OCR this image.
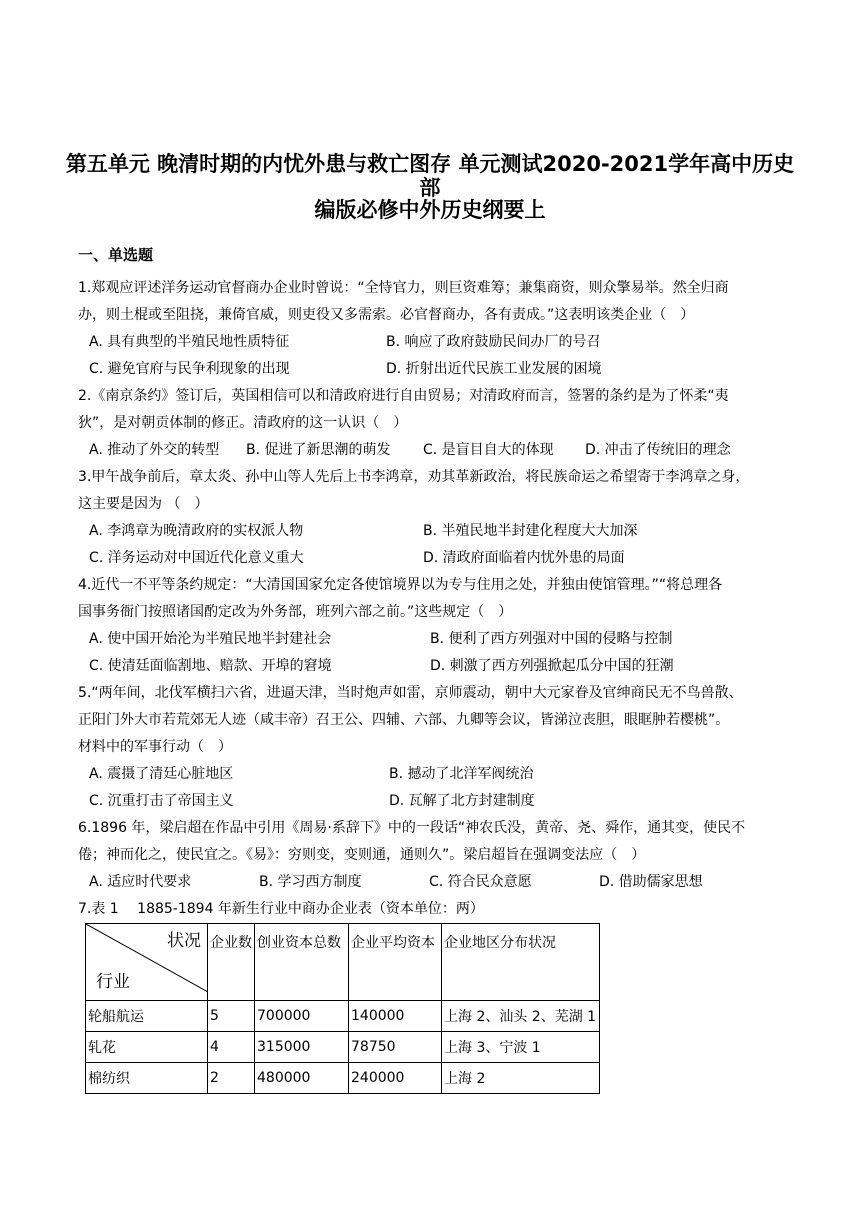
第五单元 晚清时期的内忧外患与救亡图存 单元测试2020-2021学年高中历史部
编版必修中外历史纲要上
一、单选题
1.郑观应评述洋务运动官督商办企业时曾说：“全恃官力，则巨资难筹；兼集商资，则众擎易举。然全归商
办，则土棍或至阻挠，兼倚官威，则吏役又多需索。必官督商办，各有责成。”这表明该类企业（　）
A. 具有典型的半殖民地性质特征	B. 响应了政府鼓励民间办厂的号召
C. 避免官府与民争利现象的出现	D. 折射出近代民族工业发展的困境
2.《南京条约》签订后，英国相信可以和清政府进行自由贸易；对清政府而言，签署的条约是为了怀柔“夷
狄”，是对朝贡体制的修正。清政府的这一认识（　）
A. 推动了外交的转型 B. 促进了新思潮的萌发 C. 是盲目自大的体现 D. 冲击了传统旧的理念
3.甲午战争前后，章太炎、孙中山等人先后上书李鸿章，劝其革新政治，将民族命运之希望寄于李鸿章之身，
这主要是因为 （　）
A. 李鸿章为晚清政府的实权派人物	B. 半殖民地半封建化程度大大加深
C. 洋务运动对中国近代化意义重大	D. 清政府面临着内忧外患的局面
4.近代一不平等条约规定：“大清国国家允定各使馆境界以为专与住用之处，并独由使馆管理。”“将总理各
国事务衙门按照诸国酌定改为外务部，班列六部之前。”这些规定（　）
A. 使中国开始沦为半殖民地半封建社会	B. 便利了西方列强对中国的侵略与控制
C. 使清廷面临割地、赔款、开埠的窘境	D. 刺激了西方列强掀起瓜分中国的狂潮
5.“两年间，北伐军横扫六省，进逼天津，当时炮声如雷，京师震动，朝中大元家眷及官绅商民无不鸟兽散、
正阳门外大市若荒郊无人迹（咸丰帝）召王公、四辅、六部、九卿等会议，皆涕泣丧胆，眼眶肿若樱桃”。
材料中的军事行动（　）
A. 震摄了清廷心脏地区	B. 撼动了北洋军阀统治
C. 沉重打击了帝国主义	D. 瓦解了北方封建制度
6.1896 年，梁启超在作品中引用《周易·系辞下》中的一段话“神农氏没，黄帝、尧、舜作，通其变，使民不
倦；神而化之，使民宜之。《易》：穷则变，变则通，通则久”。梁启超旨在强调变法应（　）
A. 适应时代要求	B. 学习西方制度	C. 符合民众意愿	D. 借助儒家思想
7.表 1　 1885-1894 年新生行业中商办企业表（资本单位：两）
状况
行业	企业数	创业资本总数	企业平均资本	企业地区分布状况
轮船航运	5	700000	140000	上海 2、汕头 2、芜湖 1
轧花	4	315000	78750	上海 3、宁波 1
棉纺织	2	480000	240000	上海 2
